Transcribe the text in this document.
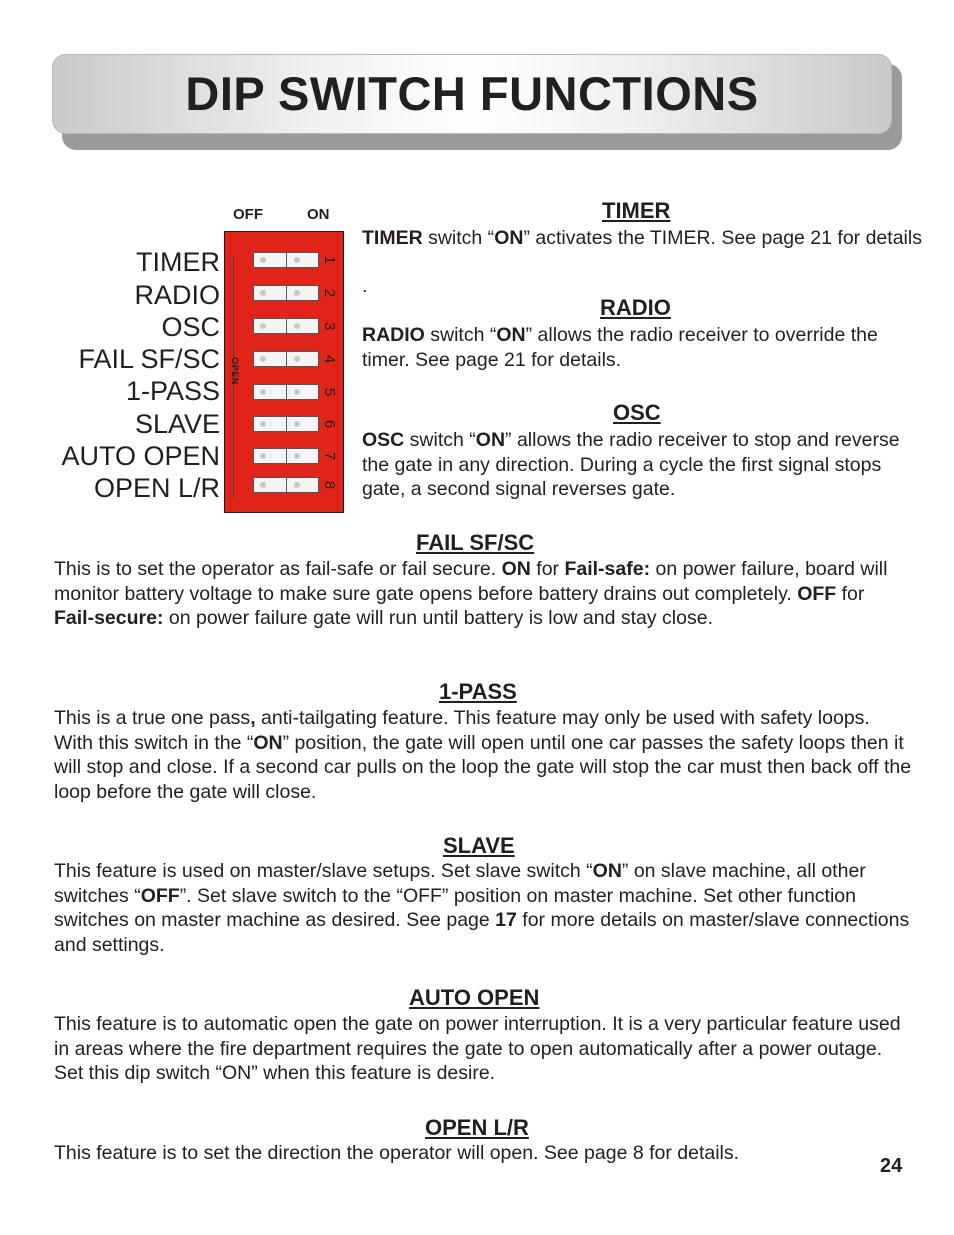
DIP SWITCH FUNCTIONS
OFF	ON
OPEN
1
2
3
4
5
6
7
8
TIMER
RADIO
OSC
FAIL SF/SC
1-PASS
SLAVE
AUTO OPEN
OPEN L/R
TIMER
TIMER switch “ON” activates the TIMER. See page 21 for details
.
RADIO
RADIO switch “ON” allows the radio receiver to override the timer. See page 21 for details.
OSC
OSC switch “ON” allows the radio receiver to stop and reverse the gate in any direction. During a cycle the first signal stops gate, a second signal reverses gate.
FAIL SF/SC
This is to set the operator as fail-safe or fail secure. ON for Fail-safe: on power failure, board will monitor battery voltage to make sure gate opens before battery drains out completely. OFF for Fail-secure: on power failure gate will run until battery is low and stay close.
1-PASS
This is a true one pass, anti-tailgating feature. This feature may only be used with safety loops. With this switch in the “ON” position, the gate will open until one car passes the safety loops then it will stop and close. If a second car pulls on the loop the gate will stop the car must then back off the loop before the gate will close.
SLAVE
This feature is used on master/slave setups. Set slave switch “ON” on slave machine, all other switches “OFF”. Set slave switch to the “OFF” position on master machine. Set other function switches on master machine as desired. See page 17 for more details on master/slave connections and settings.
AUTO OPEN
This feature is to automatic open the gate on power interruption. It is a very particular feature used in areas where the fire department requires the gate to open automatically after a power outage. Set this dip switch “ON” when this feature is desire.
OPEN L/R
This feature is to set the direction the operator will open. See page 8 for details.
24
